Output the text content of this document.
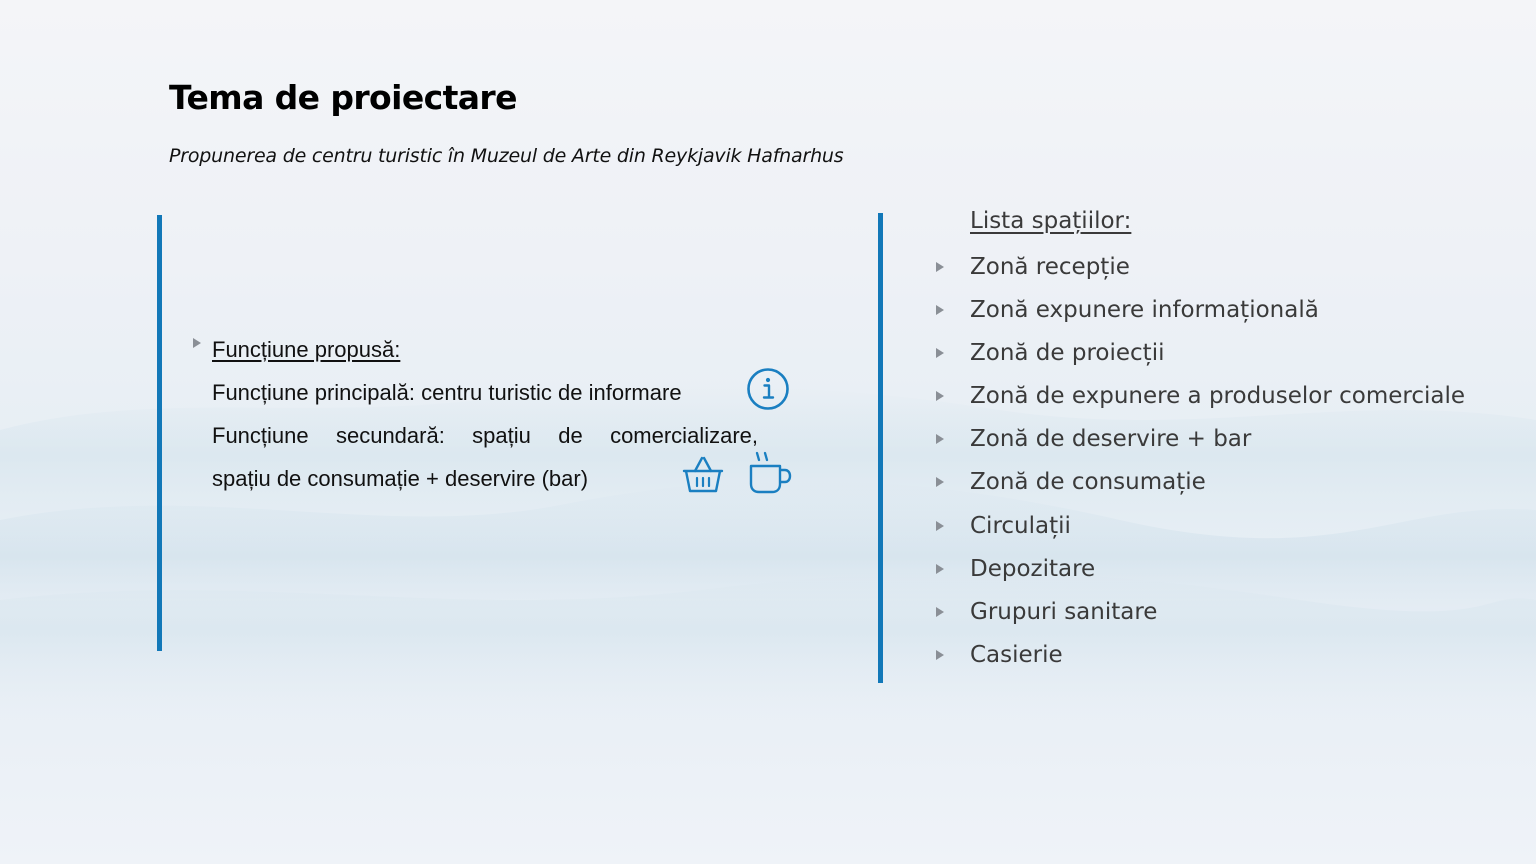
Tema de proiectare
Propunerea de centru turistic în Muzeul de Arte din Reykjavik Hafnarhus
Funcțiune propusă:
Funcțiune principală: centru turistic de informare
Funcțiune secundară: spațiu de comercializare,
spațiu de consumație + deservire (bar)
Lista spațiilor:
Zonă recepție
Zonă expunere informațională
Zonă de proiecții
Zonă de expunere a produselor comerciale
Zonă de deservire + bar
Zonă de consumație
Circulații
Depozitare
Grupuri sanitare
Casierie
